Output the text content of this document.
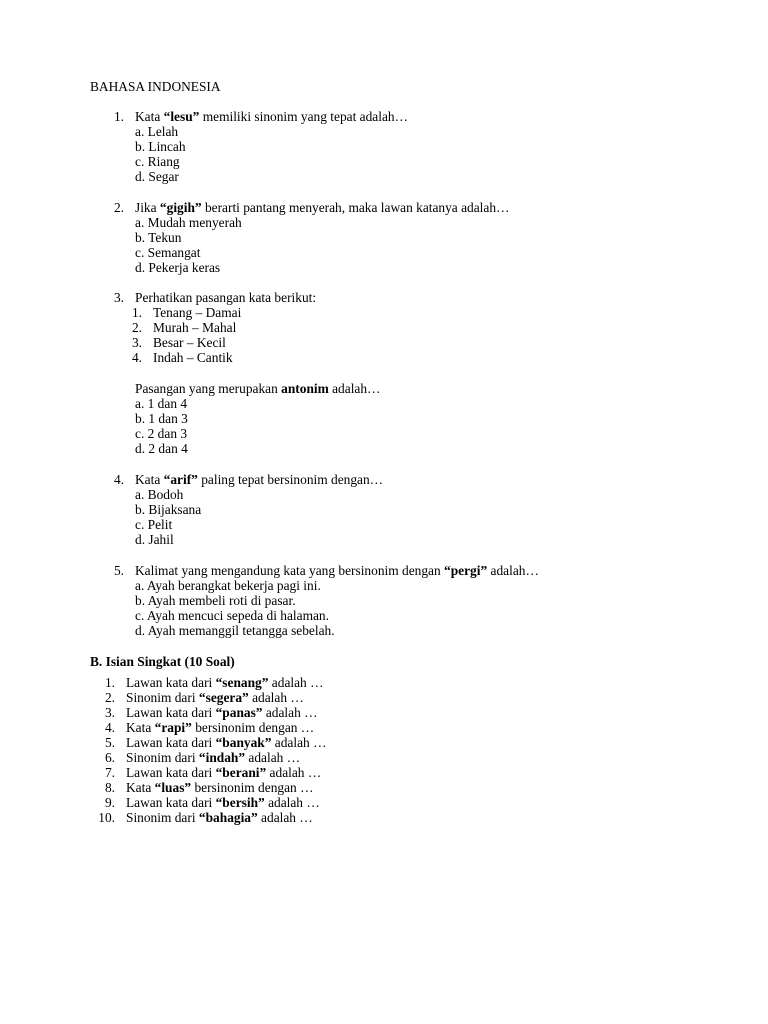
BAHASA INDONESIA
1. Kata “lesu” memiliki sinonim yang tepat adalah…
a. Lelah
b. Lincah
c. Riang
d. Segar
2. Jika “gigih” berarti pantang menyerah, maka lawan katanya adalah…
a. Mudah menyerah
b. Tekun
c. Semangat
d. Pekerja keras
3. Perhatikan pasangan kata berikut:
1. Tenang – Damai
2. Murah – Mahal
3. Besar – Kecil
4. Indah – Cantik
Pasangan yang merupakan antonim adalah…
a. 1 dan 4
b. 1 dan 3
c. 2 dan 3
d. 2 dan 4
4. Kata “arif” paling tepat bersinonim dengan…
a. Bodoh
b. Bijaksana
c. Pelit
d. Jahil
5. Kalimat yang mengandung kata yang bersinonim dengan “pergi” adalah…
a. Ayah berangkat bekerja pagi ini.
b. Ayah membeli roti di pasar.
c. Ayah mencuci sepeda di halaman.
d. Ayah memanggil tetangga sebelah.
B. Isian Singkat (10 Soal)
1. Lawan kata dari “senang” adalah …
2. Sinonim dari “segera” adalah …
3. Lawan kata dari “panas” adalah …
4. Kata “rapi” bersinonim dengan …
5. Lawan kata dari “banyak” adalah …
6. Sinonim dari “indah” adalah …
7. Lawan kata dari “berani” adalah …
8. Kata “luas” bersinonim dengan …
9. Lawan kata dari “bersih” adalah …
10. Sinonim dari “bahagia” adalah …
